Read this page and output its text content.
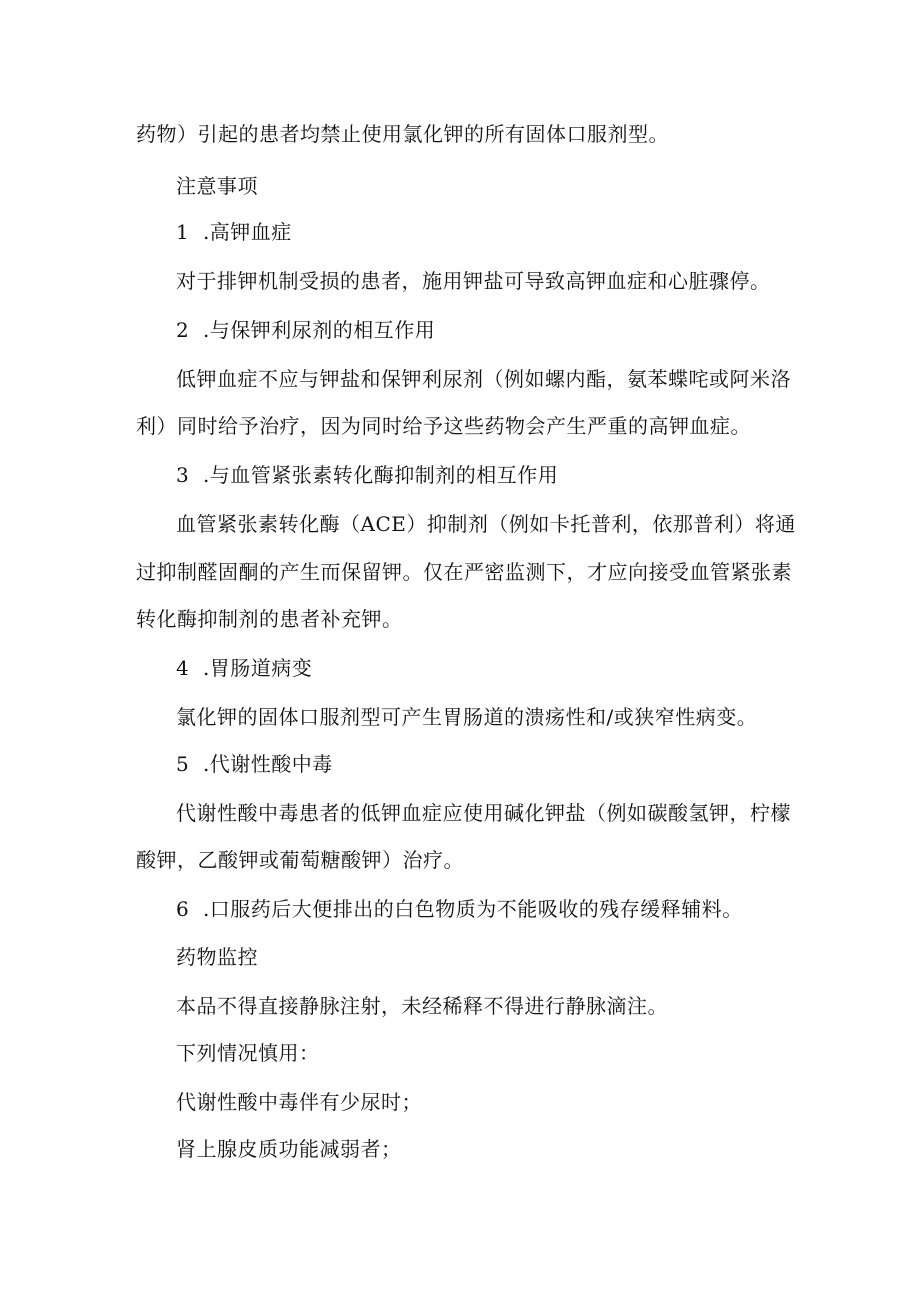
药物）引起的患者均禁止使用氯化钾的所有固体口服剂型。
注意事项
1  .高钾血症
对于排钾机制受损的患者，施用钾盐可导致高钾血症和心脏骤停。
2  .与保钾利尿剂的相互作用
低钾血症不应与钾盐和保钾利尿剂（例如螺内酯，氨苯蝶咤或阿米洛
利）同时给予治疗，因为同时给予这些药物会产生严重的高钾血症。
3  .与血管紧张素转化酶抑制剂的相互作用
血管紧张素转化酶（ACE）抑制剂（例如卡托普利，依那普利）将通
过抑制醛固酮的产生而保留钾。仅在严密监测下，才应向接受血管紧张素
转化酶抑制剂的患者补充钾。
4  .胃肠道病变
氯化钾的固体口服剂型可产生胃肠道的溃疡性和/或狭窄性病变。
5  .代谢性酸中毒
代谢性酸中毒患者的低钾血症应使用碱化钾盐（例如碳酸氢钾，柠檬
酸钾，乙酸钾或葡萄糖酸钾）治疗。
6  .口服药后大便排出的白色物质为不能吸收的残存缓释辅料。
药物监控
本品不得直接静脉注射，未经稀释不得进行静脉滴注。
下列情况慎用：
代谢性酸中毒伴有少尿时；
肾上腺皮质功能减弱者；
